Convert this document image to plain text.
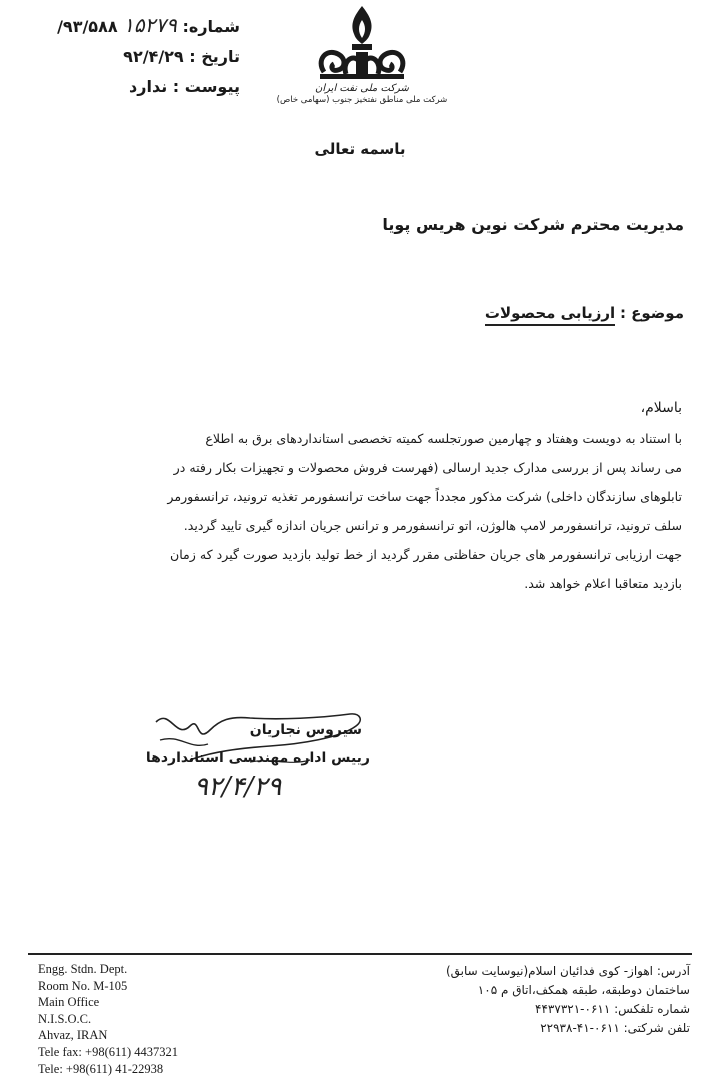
شماره: ۱۵۲۷۹ ۹۳/۵۸۸/
تاریخ : ۹۲/۴/۲۹
پیوست : ندارد	شرکت ملی نفت ایران
شرکت ملی مناطق نفتخیز جنوب (سهامی خاص)
باسمه تعالی
مدیریت محترم شرکت نوین هریس پویا
موضوع : ارزیابی محصولات
باسلام،
با استناد به دویست وهفتاد و چهارمین صورتجلسه کمیته تخصصی استانداردهای برق به اطلاع
می رساند پس از بررسی مدارک جدید ارسالی (فهرست فروش محصولات و تجهیزات بکار رفته در
تابلوهای سازندگان داخلی) شرکت مذکور مجدداً جهت ساخت ترانسفورمر تغذیه ترونید، ترانسفورمر
سلف ترونید، ترانسفورمر لامپ هالوژن، اتو ترانسفورمر و ترانس جریان اندازه گیری تایید گردید.
جهت ارزیابی ترانسفورمر های جریان حفاظتی مقرر گردید از خط تولید بازدید صورت گیرد که زمان
بازدید متعاقبا اعلام خواهد شد.
سیروس نجاریان
رییس اداره مهندسی استانداردها
۹۲/۴/۲۹
Engg. Stdn. Dept.
Room No. M-105
Main Office
N.I.S.O.C.
Ahvaz, IRAN
Tele fax: +98(611) 4437321
Tele: +98(611) 41-22938
آدرس: اهواز- کوی فدائیان اسلام(نیوسایت سابق)
ساختمان دوطبقه، طبقه همکف،اتاق م ۱۰۵
شماره تلفکس: ۰۶۱۱-۴۴۳۷۳۲۱
تلفن شرکتی: ۰۶۱۱-۴۱-۲۲۹۳۸
